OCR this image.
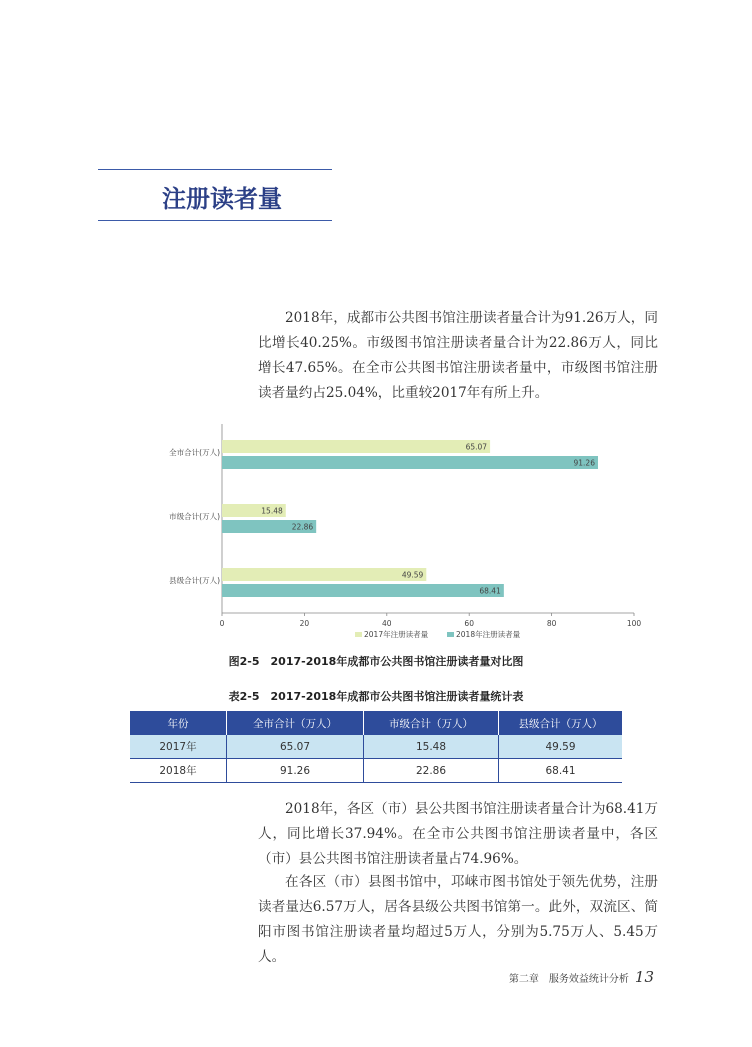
注册读者量

2018年，成都市公共图书馆注册读者量合计为91.26万人，同比增长40.25%。市级图书馆注册读者量合计为22.86万人，同比增长47.65%。在全市公共图书馆注册读者量中，市级图书馆注册读者量约占25.04%，比重较2017年有所上升。

0	20	40	60	80	100
全市合计(万人)
65.07
91.26
市级合计(万人)
15.48
22.86
县级合计(万人)
49.59
68.41
2017年注册读者量	2018年注册读者量
图2-5　2017-2018年成都市公共图书馆注册读者量对比图
表2-5　2017-2018年成都市公共图书馆注册读者量统计表
年份	全市合计（万人）	市级合计（万人）	县级合计（万人）
2017年	65.07	15.48	49.59
2018年	91.26	22.86	68.41

2018年，各区（市）县公共图书馆注册读者量合计为68.41万人，同比增长37.94%。在全市公共图书馆注册读者量中，各区（市）县公共图书馆注册读者量占74.96%。

在各区（市）县图书馆中，邛崃市图书馆处于领先优势，注册读者量达6.57万人，居各县级公共图书馆第一。此外，双流区、简阳市图书馆注册读者量均超过5万人，分别为5.75万人、5.45万人。

第二章　服务效益统计分析 13
